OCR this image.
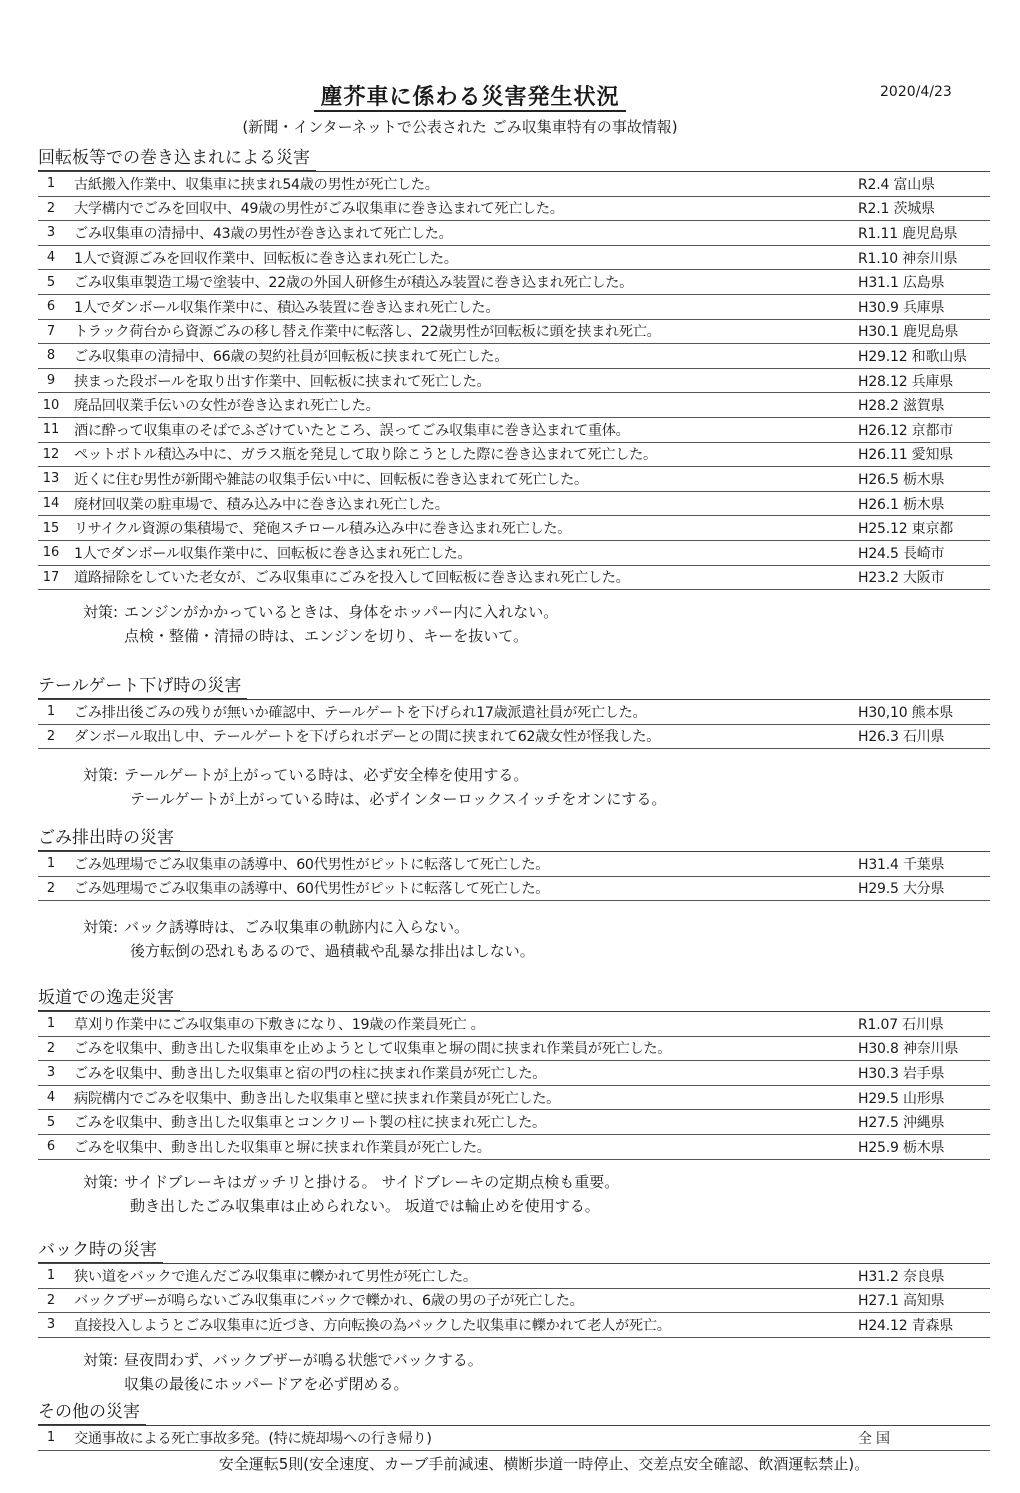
塵芥車に係わる災害発生状況	2020/4/23
(新聞・インターネットで公表された ごみ収集車特有の事故情報)
回転板等での巻き込まれによる災害
1	古紙搬入作業中、収集車に挟まれ54歳の男性が死亡した。	R2.4 富山県
2	大学構内でごみを回収中、49歳の男性がごみ収集車に巻き込まれて死亡した。	R2.1 茨城県
3	ごみ収集車の清掃中、43歳の男性が巻き込まれて死亡した。	R1.11 鹿児島県
4	1人で資源ごみを回収作業中、回転板に巻き込まれ死亡した。	R1.10 神奈川県
5	ごみ収集車製造工場で塗装中、22歳の外国人研修生が積込み装置に巻き込まれ死亡した。	H31.1 広島県
6	1人でダンボール収集作業中に、積込み装置に巻き込まれ死亡した。	H30.9 兵庫県
7	トラック荷台から資源ごみの移し替え作業中に転落し、22歳男性が回転板に頭を挟まれ死亡。	H30.1 鹿児島県
8	ごみ収集車の清掃中、66歳の契約社員が回転板に挟まれて死亡した。	H29.12 和歌山県
9	挟まった段ボールを取り出す作業中、回転板に挟まれて死亡した。	H28.12 兵庫県
10	廃品回収業手伝いの女性が巻き込まれ死亡した。	H28.2 滋賀県
11	酒に酔って収集車のそばでふざけていたところ、誤ってごみ収集車に巻き込まれて重体。	H26.12 京都市
12	ペットボトル積込み中に、ガラス瓶を発見して取り除こうとした際に巻き込まれて死亡した。	H26.11 愛知県
13	近くに住む男性が新聞や雑誌の収集手伝い中に、回転板に巻き込まれて死亡した。	H26.5 栃木県
14	廃材回収業の駐車場で、積み込み中に巻き込まれ死亡した。	H26.1 栃木県
15	リサイクル資源の集積場で、発砲スチロール積み込み中に巻き込まれ死亡した。	H25.12 東京都
16	1人でダンボール収集作業中に、回転板に巻き込まれ死亡した。	H24.5 長崎市
17	道路掃除をしていた老女が、ごみ収集車にごみを投入して回転板に巻き込まれ死亡した。	H23.2 大阪市
対策: エンジンがかかっているときは、身体をホッパー内に入れない。
点検・整備・清掃の時は、エンジンを切り、キーを抜いて。
テールゲート下げ時の災害
1	ごみ排出後ごみの残りが無いか確認中、テールゲートを下げられ17歳派遣社員が死亡した。	H30,10 熊本県
2	ダンボール取出し中、テールゲートを下げられボデーとの間に挟まれて62歳女性が怪我した。	H26.3 石川県
対策: テールゲートが上がっている時は、必ず安全棒を使用する。
テールゲートが上がっている時は、必ずインターロックスイッチをオンにする。
ごみ排出時の災害
1	ごみ処理場でごみ収集車の誘導中、60代男性がピットに転落して死亡した。	H31.4 千葉県
2	ごみ処理場でごみ収集車の誘導中、60代男性がピットに転落して死亡した。	H29.5 大分県
対策: バック誘導時は、ごみ収集車の軌跡内に入らない。
後方転倒の恐れもあるので、過積載や乱暴な排出はしない。
坂道での逸走災害
1	草刈り作業中にごみ収集車の下敷きになり、19歳の作業員死亡 。	R1.07 石川県
2	ごみを収集中、動き出した収集車を止めようとして収集車と塀の間に挟まれ作業員が死亡した。	H30.8 神奈川県
3	ごみを収集中、動き出した収集車と宿の門の柱に挟まれ作業員が死亡した。	H30.3 岩手県
4	病院構内でごみを収集中、動き出した収集車と壁に挟まれ作業員が死亡した。	H29.5 山形県
5	ごみを収集中、動き出した収集車とコンクリート製の柱に挟まれ死亡した。	H27.5 沖縄県
6	ごみを収集中、動き出した収集車と塀に挟まれ作業員が死亡した。	H25.9 栃木県
対策: サイドブレーキはガッチリと掛ける。 サイドブレーキの定期点検も重要。
動き出したごみ収集車は止められない。 坂道では輪止めを使用する。
バック時の災害
1	狭い道をバックで進んだごみ収集車に轢かれて男性が死亡した。	H31.2 奈良県
2	バックブザーが鳴らないごみ収集車にバックで轢かれ、6歳の男の子が死亡した。	H27.1 高知県
3	直接投入しようとごみ収集車に近づき、方向転換の為バックした収集車に轢かれて老人が死亡。	H24.12 青森県
対策: 昼夜問わず、バックブザーが鳴る状態でバックする。
収集の最後にホッパードアを必ず閉める。
その他の災害
1	交通事故による死亡事故多発。(特に焼却場への行き帰り)	全 国
安全運転5則(安全速度、カーブ手前減速、横断歩道一時停止、交差点安全確認、飲酒運転禁止)。
